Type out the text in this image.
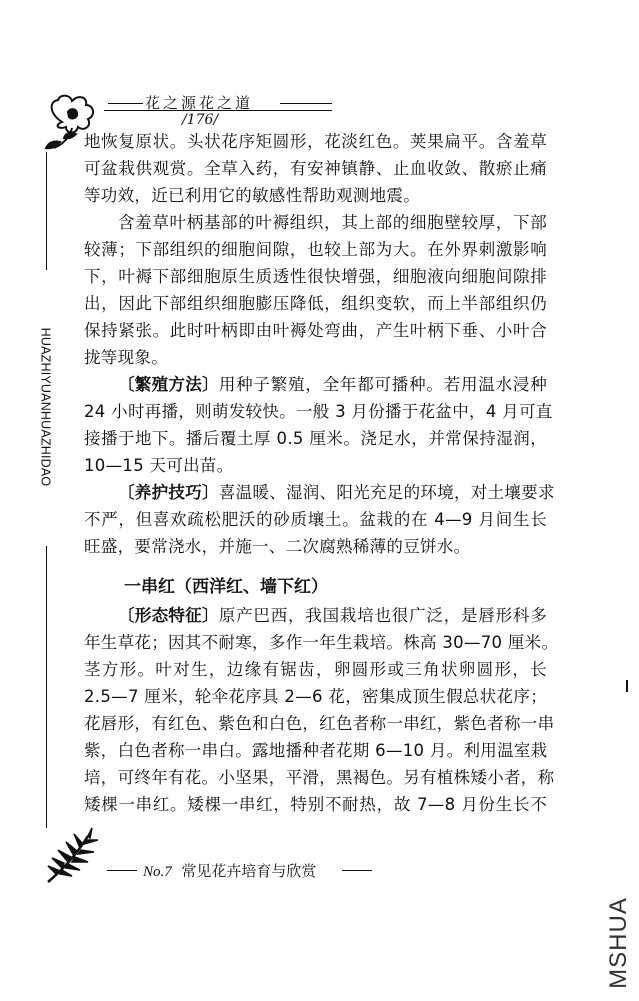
花之源花之道
/176/
HUAZHIYUANHUAZHIDAO
地恢复原状。头状花序矩圆形，花淡红色。荚果扁平。含羞草
可盆栽供观赏。全草入药，有安神镇静、止血收敛、散瘀止痛
等功效，近已利用它的敏感性帮助观测地震。
含羞草叶柄基部的叶褥组织，其上部的细胞壁较厚，下部
较薄；下部组织的细胞间隙，也较上部为大。在外界刺激影响
下，叶褥下部细胞原生质透性很快增强，细胞液向细胞间隙排
出，因此下部组织细胞膨压降低，组织变软，而上半部组织仍
保持紧张。此时叶柄即由叶褥处弯曲，产生叶柄下垂、小叶合
拢等现象。
〔繁殖方法〕 用种子繁殖，全年都可播种。若用温水浸种
24 小时再播，则萌发较快。一般 3 月份播于花盆中，4 月可直
接播于地下。播后覆土厚 0.5 厘米。浇足水，并常保持湿润，
10—15 天可出苗。
〔养护技巧〕 喜温暖、湿润、阳光充足的环境，对土壤要求
不严，但喜欢疏松肥沃的砂质壤土。盆栽的在 4—9 月间生长
旺盛，要常浇水，并施一、二次腐熟稀薄的豆饼水。
一串红（西洋红、墙下红）
〔形态特征〕 原产巴西，我国栽培也很广泛，是唇形科多
年生草花；因其不耐寒，多作一年生栽培。株高 30—70 厘米。
茎方形。叶对生，边缘有锯齿，卵圆形或三角状卵圆形，长
2.5—7 厘米，轮伞花序具 2—6 花，密集成顶生假总状花序；
花唇形，有红色、紫色和白色，红色者称一串红，紫色者称一串
紫，白色者称一串白。露地播种者花期 6—10 月。利用温室栽
培，可终年有花。小坚果，平滑，黑褐色。另有植株矮小者，称
矮棵一串红。矮棵一串红，特别不耐热，故 7—8 月份生长不
No.7 常见花卉培育与欣赏
MSHUA
